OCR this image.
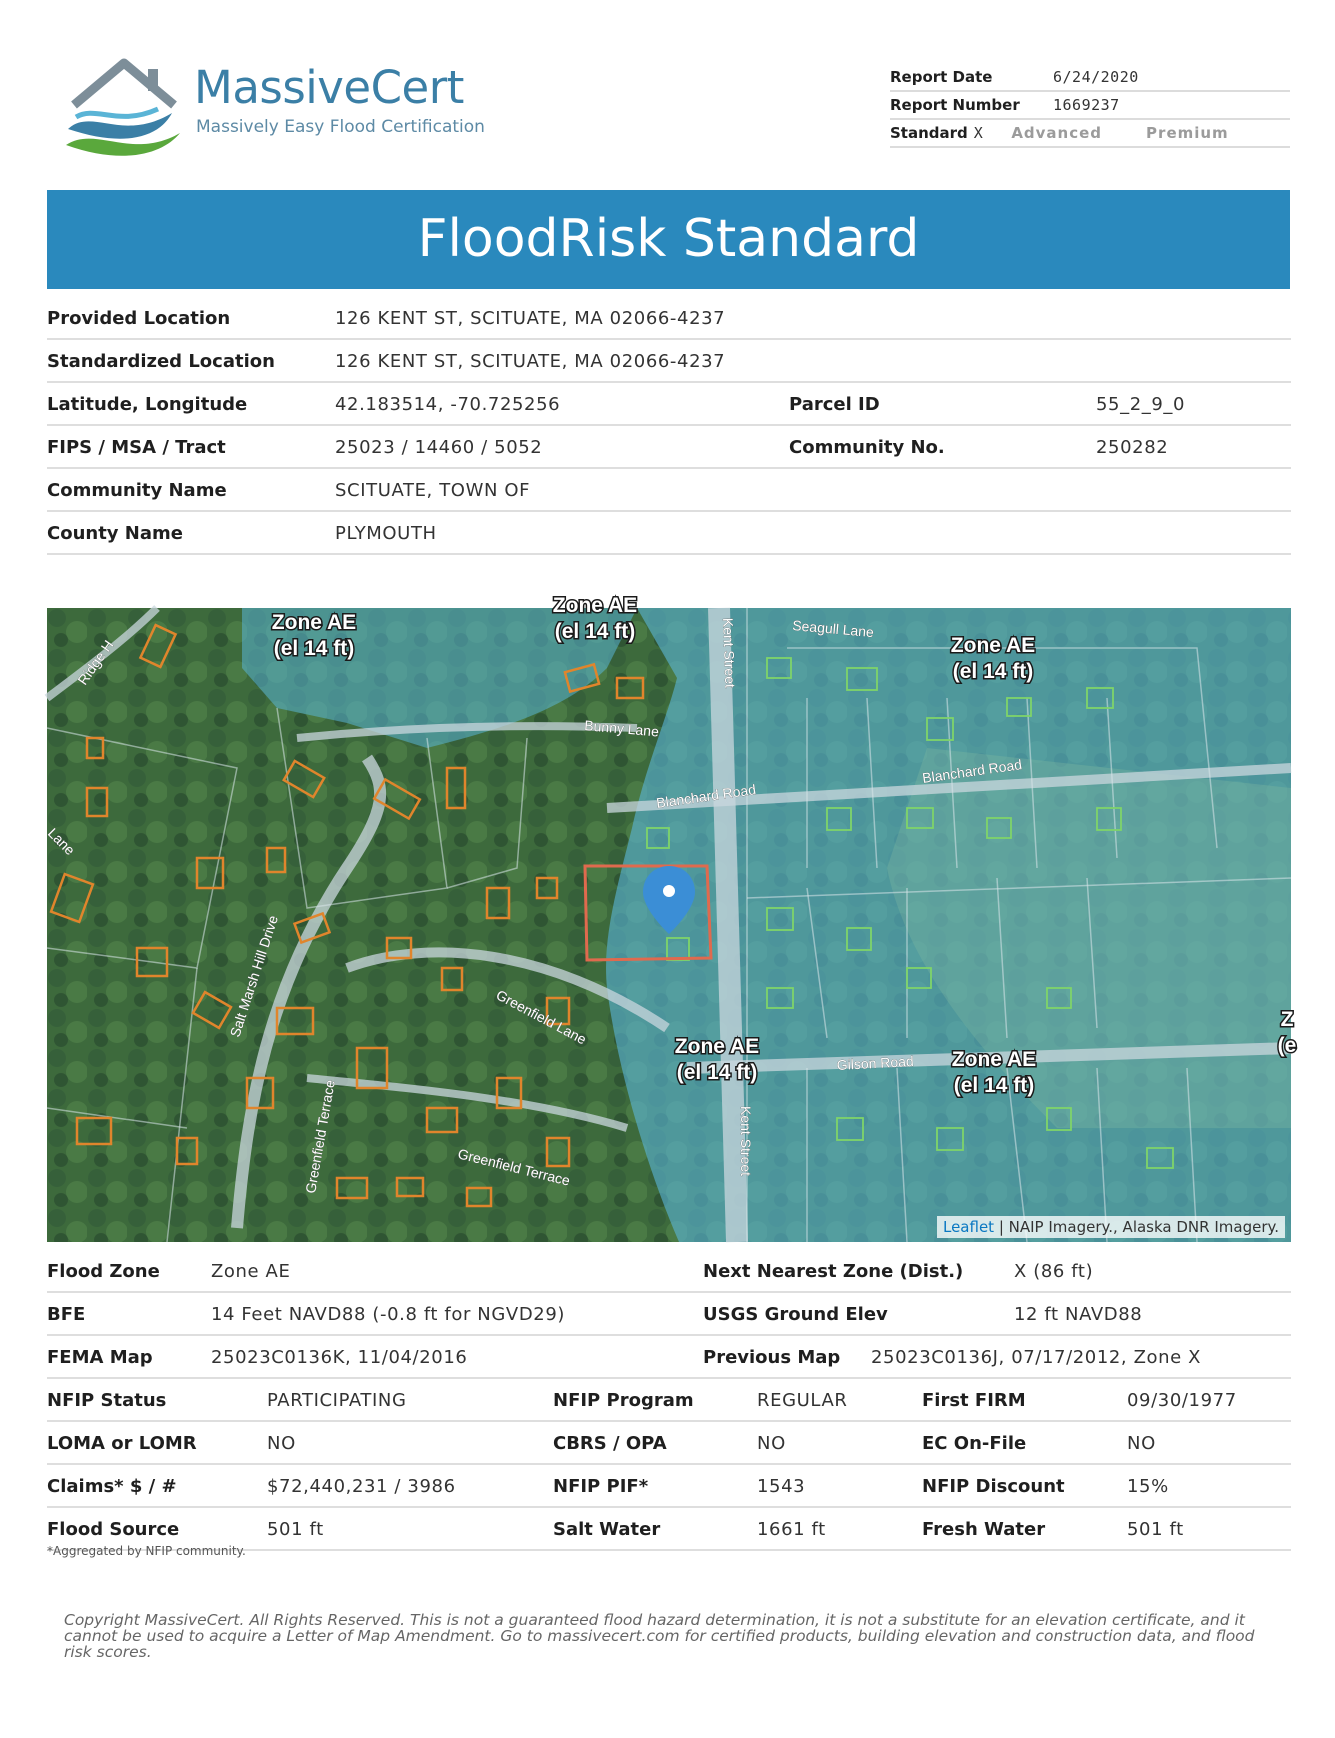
MassiveCert
Massively Easy Flood Certification
Report Date	6/24/2020
Report Number	1669237
Standard X Advanced	Premium
FloodRisk Standard
Provided Location	126 KENT ST, SCITUATE, MA 02066-4237
Standardized Location	126 KENT ST, SCITUATE, MA 02066-4237
Latitude, Longitude	42.183514, -70.725256	Parcel ID	55_2_9_0
FIPS / MSA / Tract	25023 / 14460 / 5052	Community No.	250282
Community Name	SCITUATE, TOWN OF
County Name	PLYMOUTH
Ridge H
Lane
Seagull Lane
Kent Street
Bunny Lane
Blanchard Road
Blanchard Road
Salt Marsh Hill Drive	Greenfield Lane
Greenfield Terrace	Greenfield Terrace
Gilson Road
Kent Street
Zone AE
(el 14 ft)
Zone AE
(el 14 ft)
Zone AE
(el 14 ft)
Zone AE
(el 14 ft)
Zone AE
(el 14 ft)
Z
(e
Leaflet | NAIP Imagery., Alaska DNR Imagery.
Flood Zone	Zone AE	Next Nearest Zone (Dist.)	X (86 ft)
BFE	14 Feet NAVD88 (-0.8 ft for NGVD29)	USGS Ground Elev	12 ft NAVD88
FEMA Map	25023C0136K, 11/04/2016	Previous Map 25023C0136J, 07/17/2012, Zone X
NFIP Status	PARTICIPATING	NFIP Program	REGULAR	First FIRM	09/30/1977
LOMA or LOMR	NO	CBRS / OPA	NO	EC On-File	NO
Claims* $ / #	$72,440,231 / 3986	NFIP PIF*	1543	NFIP Discount	15%
Flood Source	501 ft	Salt Water	1661 ft	Fresh Water	501 ft
*Aggregated by NFIP community.
Copyright MassiveCert. All Rights Reserved. This is not a guaranteed flood hazard determination, it is not a substitute for an elevation certificate, and it cannot be used to acquire a Letter of Map Amendment. Go to massivecert.com for certified products, building elevation and construction data, and flood risk scores.
